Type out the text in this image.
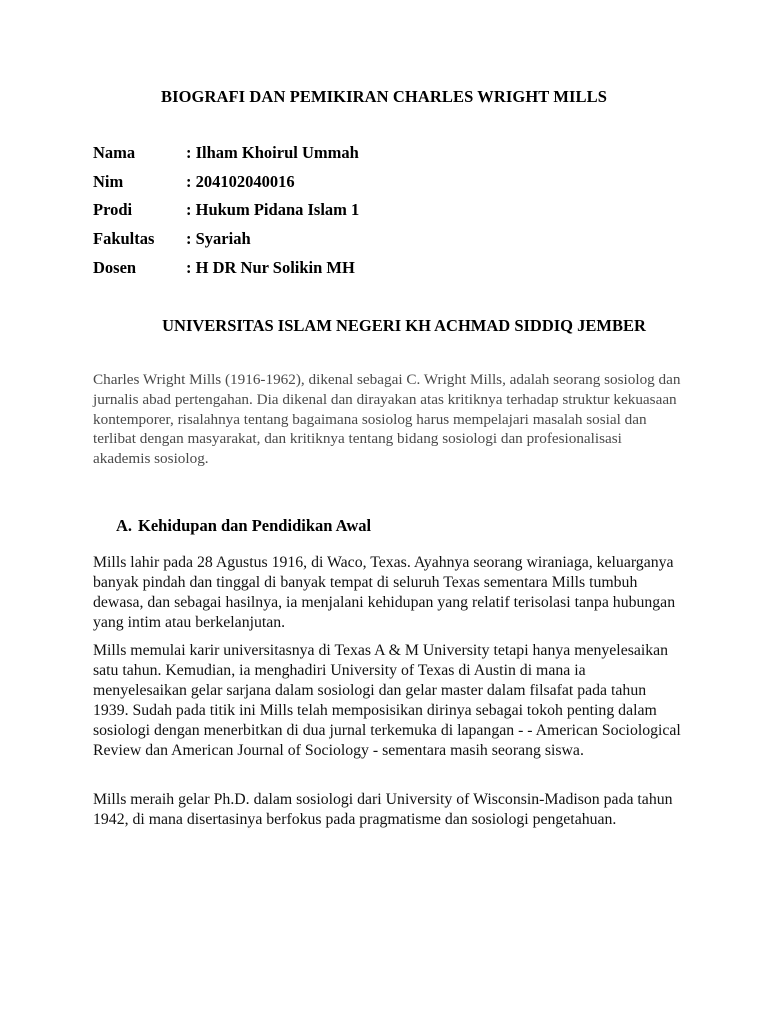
BIOGRAFI DAN PEMIKIRAN CHARLES WRIGHT MILLS
Nama	: Ilham Khoirul Ummah
Nim	: 204102040016
Prodi	: Hukum Pidana Islam 1
Fakultas	: Syariah
Dosen	: H DR Nur Solikin MH
UNIVERSITAS ISLAM NEGERI KH ACHMAD SIDDIQ JEMBER

Charles Wright Mills (1916-1962), dikenal sebagai C. Wright Mills, adalah seorang sosiolog dan jurnalis abad pertengahan. Dia dikenal dan dirayakan atas kritiknya terhadap struktur kekuasaan kontemporer, risalahnya tentang bagaimana sosiolog harus mempelajari masalah sosial dan terlibat dengan masyarakat, dan kritiknya tentang bidang sosiologi dan profesionalisasi akademis sosiolog.

A. Kehidupan dan Pendidikan Awal

Mills lahir pada 28 Agustus 1916, di Waco, Texas. Ayahnya seorang wiraniaga, keluarganya banyak pindah dan tinggal di banyak tempat di seluruh Texas sementara Mills tumbuh dewasa, dan sebagai hasilnya, ia menjalani kehidupan yang relatif terisolasi tanpa hubungan yang intim atau berkelanjutan.

Mills memulai karir universitasnya di Texas A & M University tetapi hanya menyelesaikan satu tahun. Kemudian, ia menghadiri University of Texas di Austin di mana ia menyelesaikan gelar sarjana dalam sosiologi dan gelar master dalam filsafat pada tahun 1939. Sudah pada titik ini Mills telah memposisikan dirinya sebagai tokoh penting dalam sosiologi dengan menerbitkan di dua jurnal terkemuka di lapangan - - American Sociological Review dan American Journal of Sociology - sementara masih seorang siswa.

Mills meraih gelar Ph.D. dalam sosiologi dari University of Wisconsin-Madison pada tahun 1942, di mana disertasinya berfokus pada pragmatisme dan sosiologi pengetahuan.
